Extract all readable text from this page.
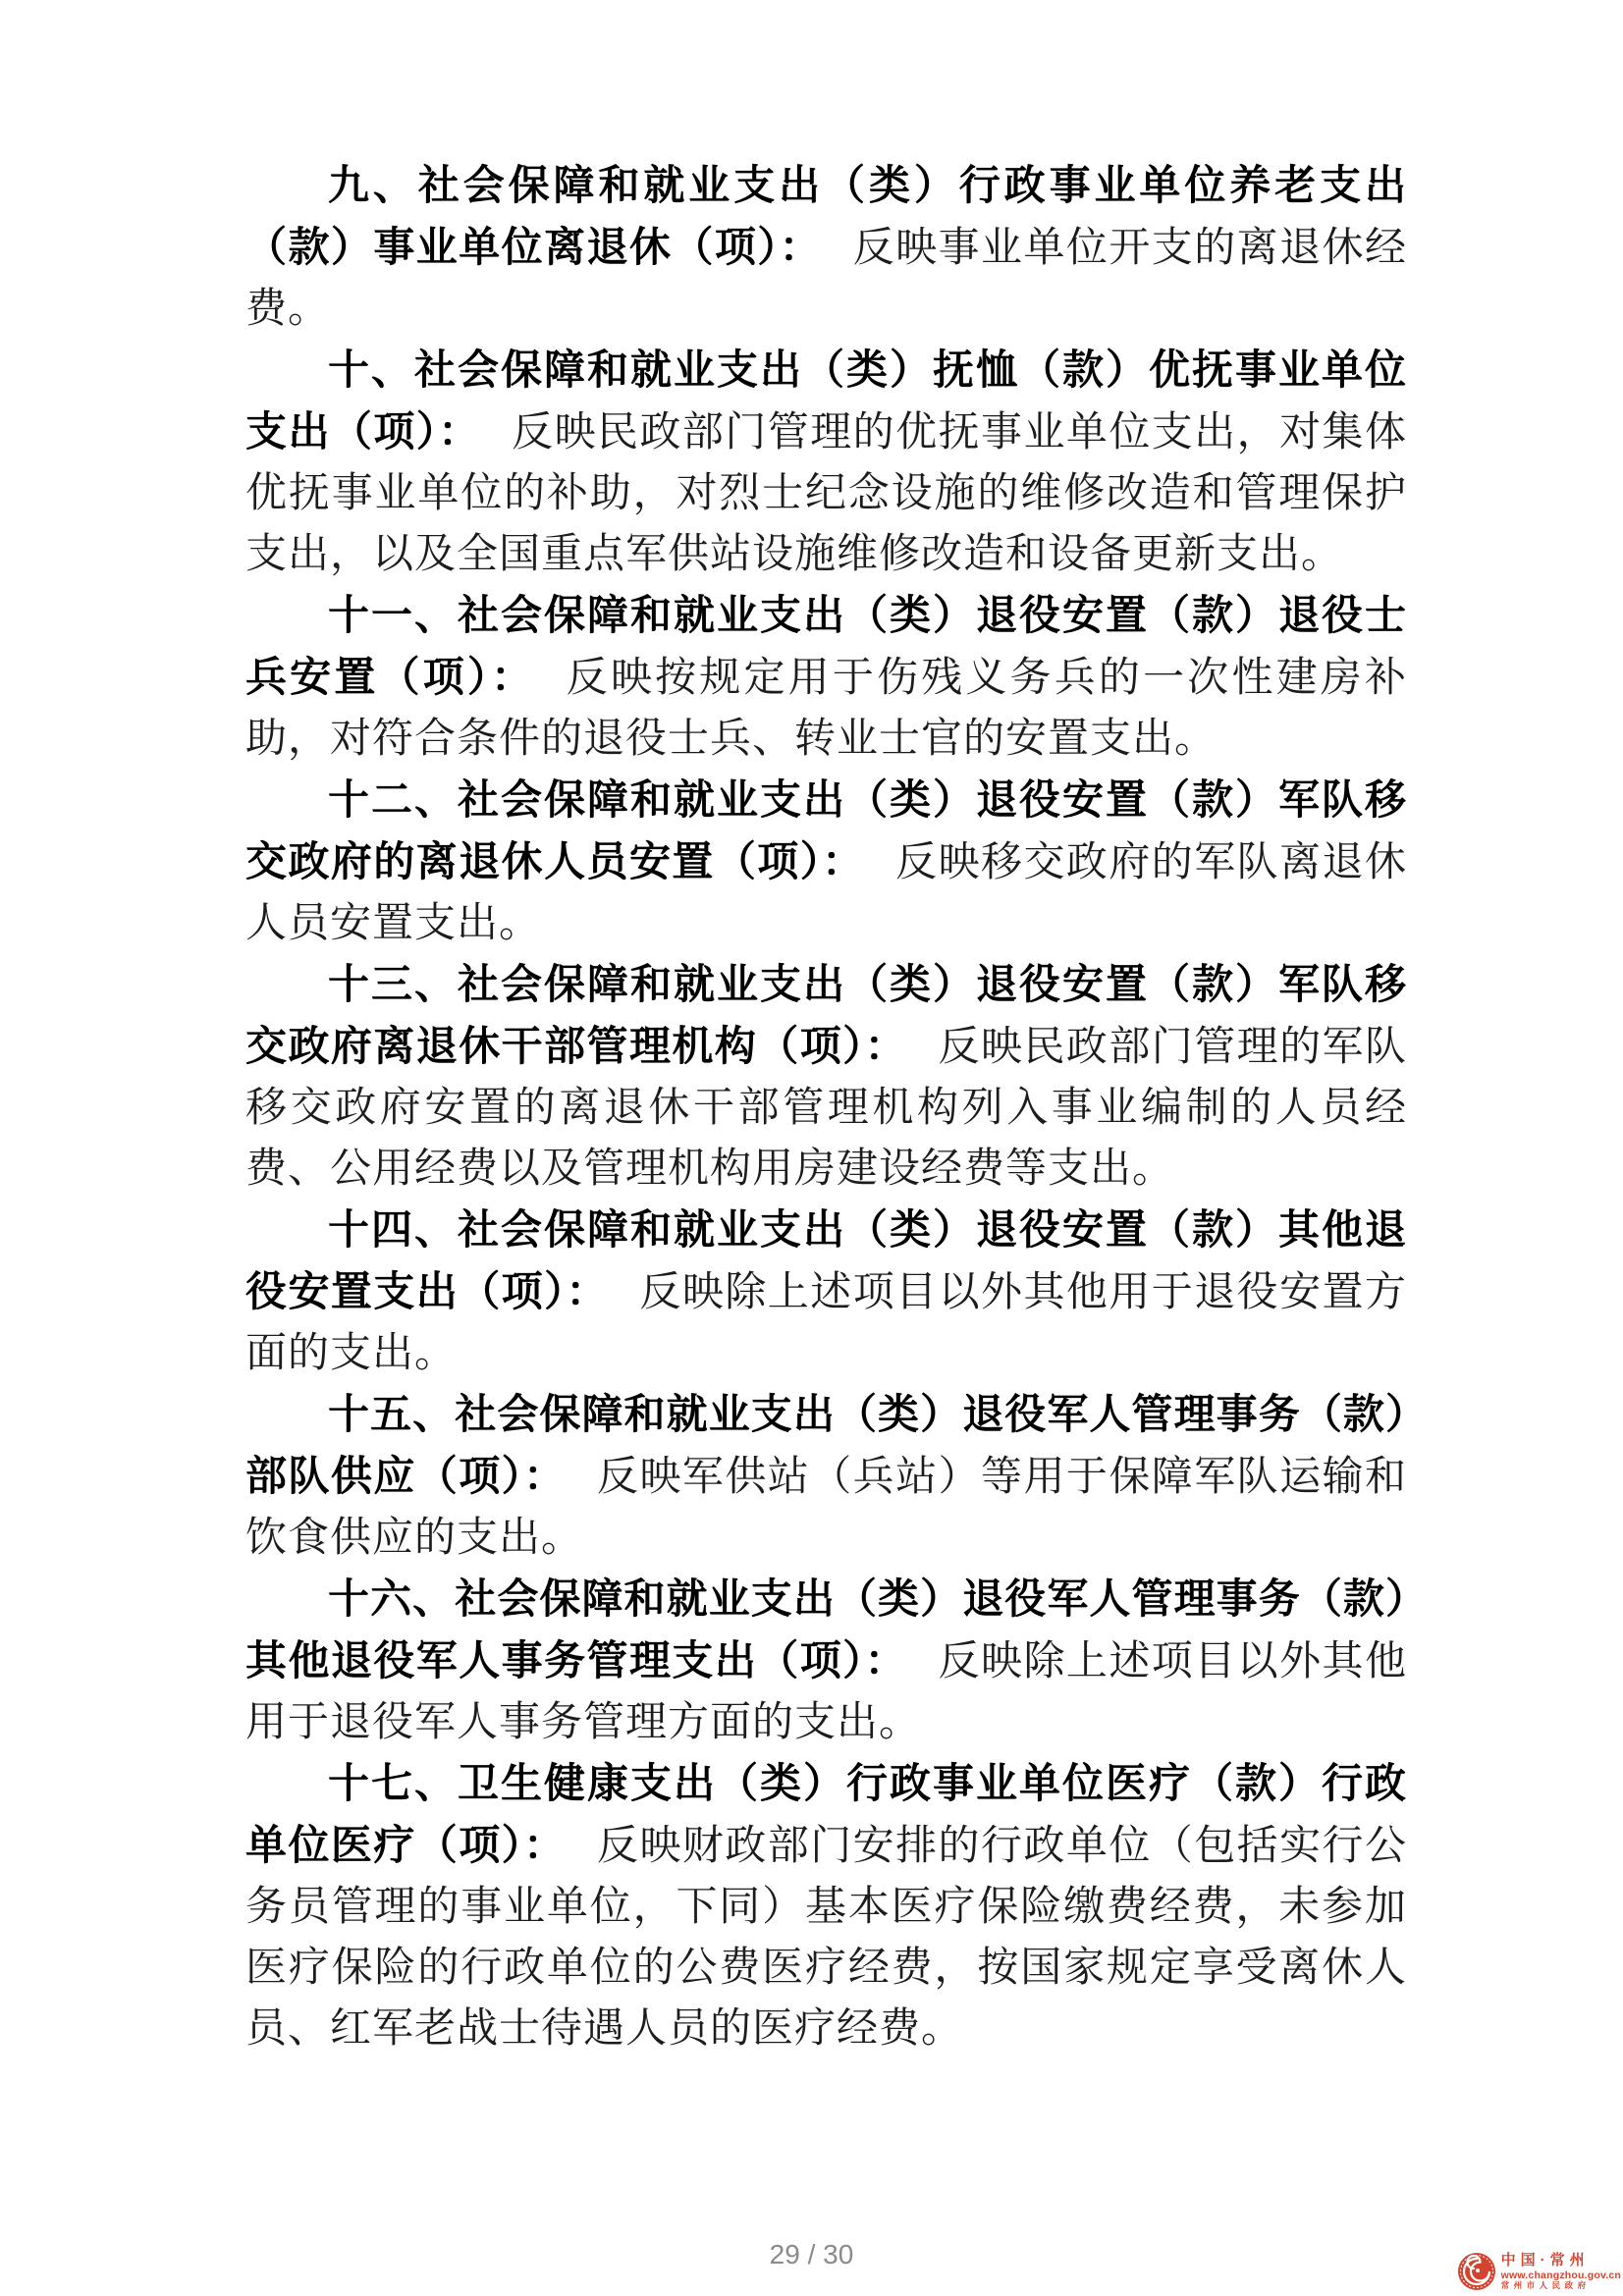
九、社会保障和就业支出（类）行政事业单位养老支出（款）事业单位离退休（项）： 反映事业单位开支的离退休经费。

十、社会保障和就业支出（类）抚恤（款）优抚事业单位支出（项）： 反映民政部门管理的优抚事业单位支出，对集体优抚事业单位的补助，对烈士纪念设施的维修改造和管理保护支出，以及全国重点军供站设施维修改造和设备更新支出。

十一、社会保障和就业支出（类）退役安置（款）退役士兵安置（项）： 反映按规定用于伤残义务兵的一次性建房补助，对符合条件的退役士兵、转业士官的安置支出。

十二、社会保障和就业支出（类）退役安置（款）军队移交政府的离退休人员安置（项）： 反映移交政府的军队离退休人员安置支出。

十三、社会保障和就业支出（类）退役安置（款）军队移交政府离退休干部管理机构（项）： 反映民政部门管理的军队移交政府安置的离退休干部管理机构列入事业编制的人员经费、公用经费以及管理机构用房建设经费等支出。

十四、社会保障和就业支出（类）退役安置（款）其他退役安置支出（项）： 反映除上述项目以外其他用于退役安置方面的支出。

十五、社会保障和就业支出（类）退役军人管理事务（款）部队供应（项）： 反映军供站（兵站）等用于保障军队运输和饮食供应的支出。

十六、社会保障和就业支出（类）退役军人管理事务（款）其他退役军人事务管理支出（项）： 反映除上述项目以外其他用于退役军人事务管理方面的支出。

十七、卫生健康支出（类）行政事业单位医疗（款）行政单位医疗（项）： 反映财政部门安排的行政单位（包括实行公务员管理的事业单位，下同）基本医疗保险缴费经费，未参加医疗保险的行政单位的公费医疗经费，按国家规定享受离休人员、红军老战士待遇人员的医疗经费。

29 / 30	中国·常州
www.changzhou.gov.cn
常州市人民政府
